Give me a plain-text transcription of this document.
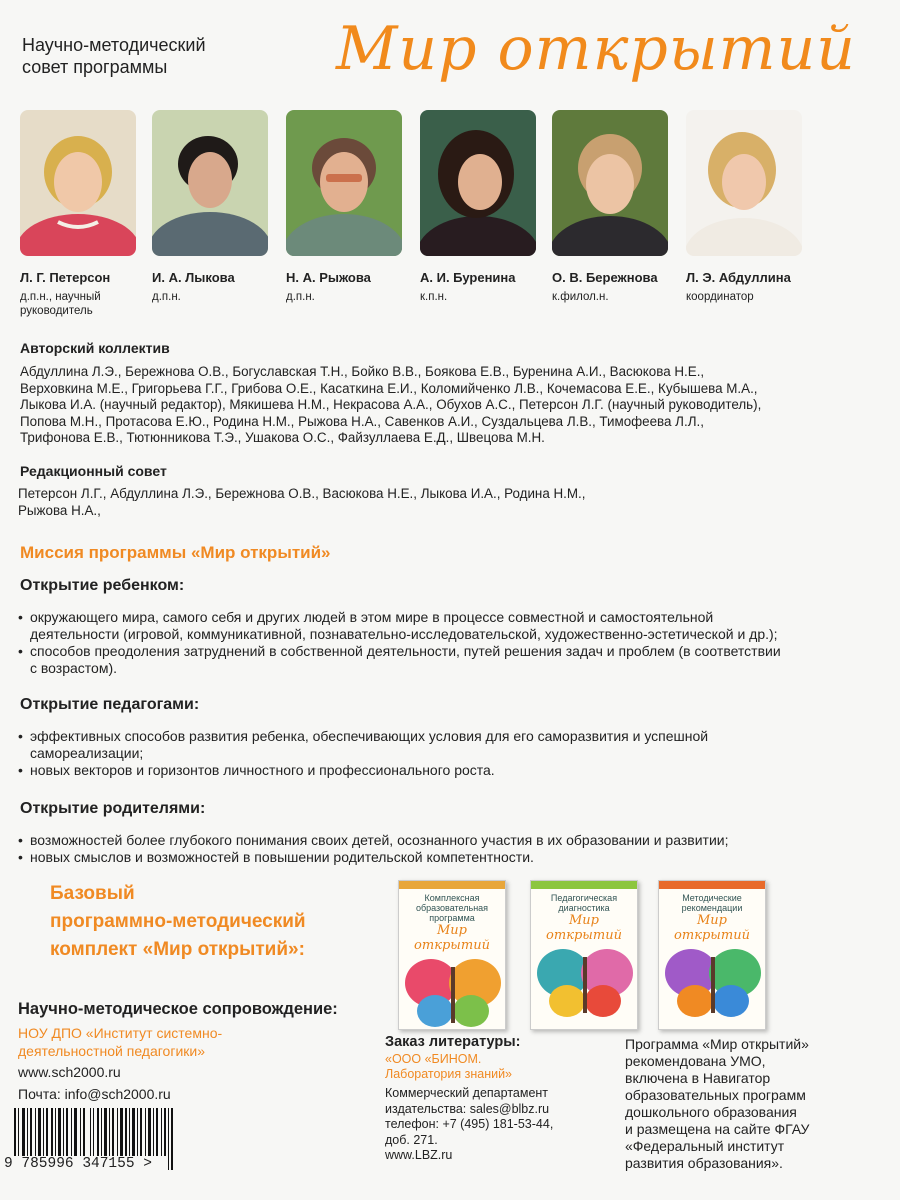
Научно-методический
совет программы	Мир открытий
Л. Г. Петерсон
д.п.н., научный руководитель
И. А. Лыкова
д.п.н.
Н. А. Рыжова
д.п.н.
А. И. Буренина
к.п.н.
О. В. Бережнова
к.филол.н.
Л. Э. Абдуллина
координатор
Авторский коллектив
Абдуллина Л.Э., Бережнова О.В., Богуславская Т.Н., Бойко В.В., Боякова Е.В., Буренина А.И., Васюкова Н.Е.,
Верховкина М.Е., Григорьева Г.Г., Грибова О.Е., Касаткина Е.И., Коломийченко Л.В., Кочемасова Е.Е., Кубышева М.А.,
Лыкова И.А. (научный редактор), Мякишева Н.М., Некрасова А.А., Обухов А.С., Петерсон Л.Г. (научный руководитель),
Попова М.Н., Протасова Е.Ю., Родина Н.М., Рыжова Н.А., Савенков А.И., Суздальцева Л.В., Тимофеева Л.Л.,
Трифонова Е.В., Тютюнникова Т.Э., Ушакова О.С., Файзуллаева Е.Д., Швецова М.Н.
Редакционный совет
Петерсон Л.Г., Абдуллина Л.Э., Бережнова О.В., Васюкова Н.Е., Лыкова И.А., Родина Н.М.,
Рыжова Н.А.,
Миссия программы «Мир открытий»
Открытие ребенком:
• окружающего мира, самого себя и других людей в этом мире в процессе совместной и самостоятельной
деятельности (игровой, коммуникативной, познавательно-исследовательской, художественно-эстетической и др.);
• способов преодоления затруднений в собственной деятельности, путей решения задач и проблем (в соответствии
с возрастом).
Открытие педагогами:
• эффективных способов развития ребенка, обеспечивающих условия для его саморазвития и успешной
самореализации;
• новых векторов и горизонтов личностного и профессионального роста.
Открытие родителями:
• возможностей более глубокого понимания своих детей, осознанного участия в их образовании и развитии;
• новых смыслов и возможностей в повышении родительской компетентности.
Базовый
программно-методический
комплект «Мир открытий»:
Комплексная образовательная
программа
Мир открытий
Педагогическая
диагностика
Мир открытий
Методические
рекомендации
Мир открытий
Научно-методическое сопровождение:
НОУ ДПО «Институт системно-
деятельностной педагогики»
www.sch2000.ru
Почта: info@sch2000.ru
Заказ литературы:
«ООО «БИНОМ.
Лаборатория знаний»
Коммерческий департамент
издательства: sales@blbz.ru
телефон: +7 (495) 181-53-44,
доб. 271.
www.LBZ.ru
Программа «Мир открытий»
рекомендована УМО,
включена в Навигатор
образовательных программ
дошкольного образования
и размещена на сайте ФГАУ
«Федеральный институт
развития образования».
9 785996 347155 >
